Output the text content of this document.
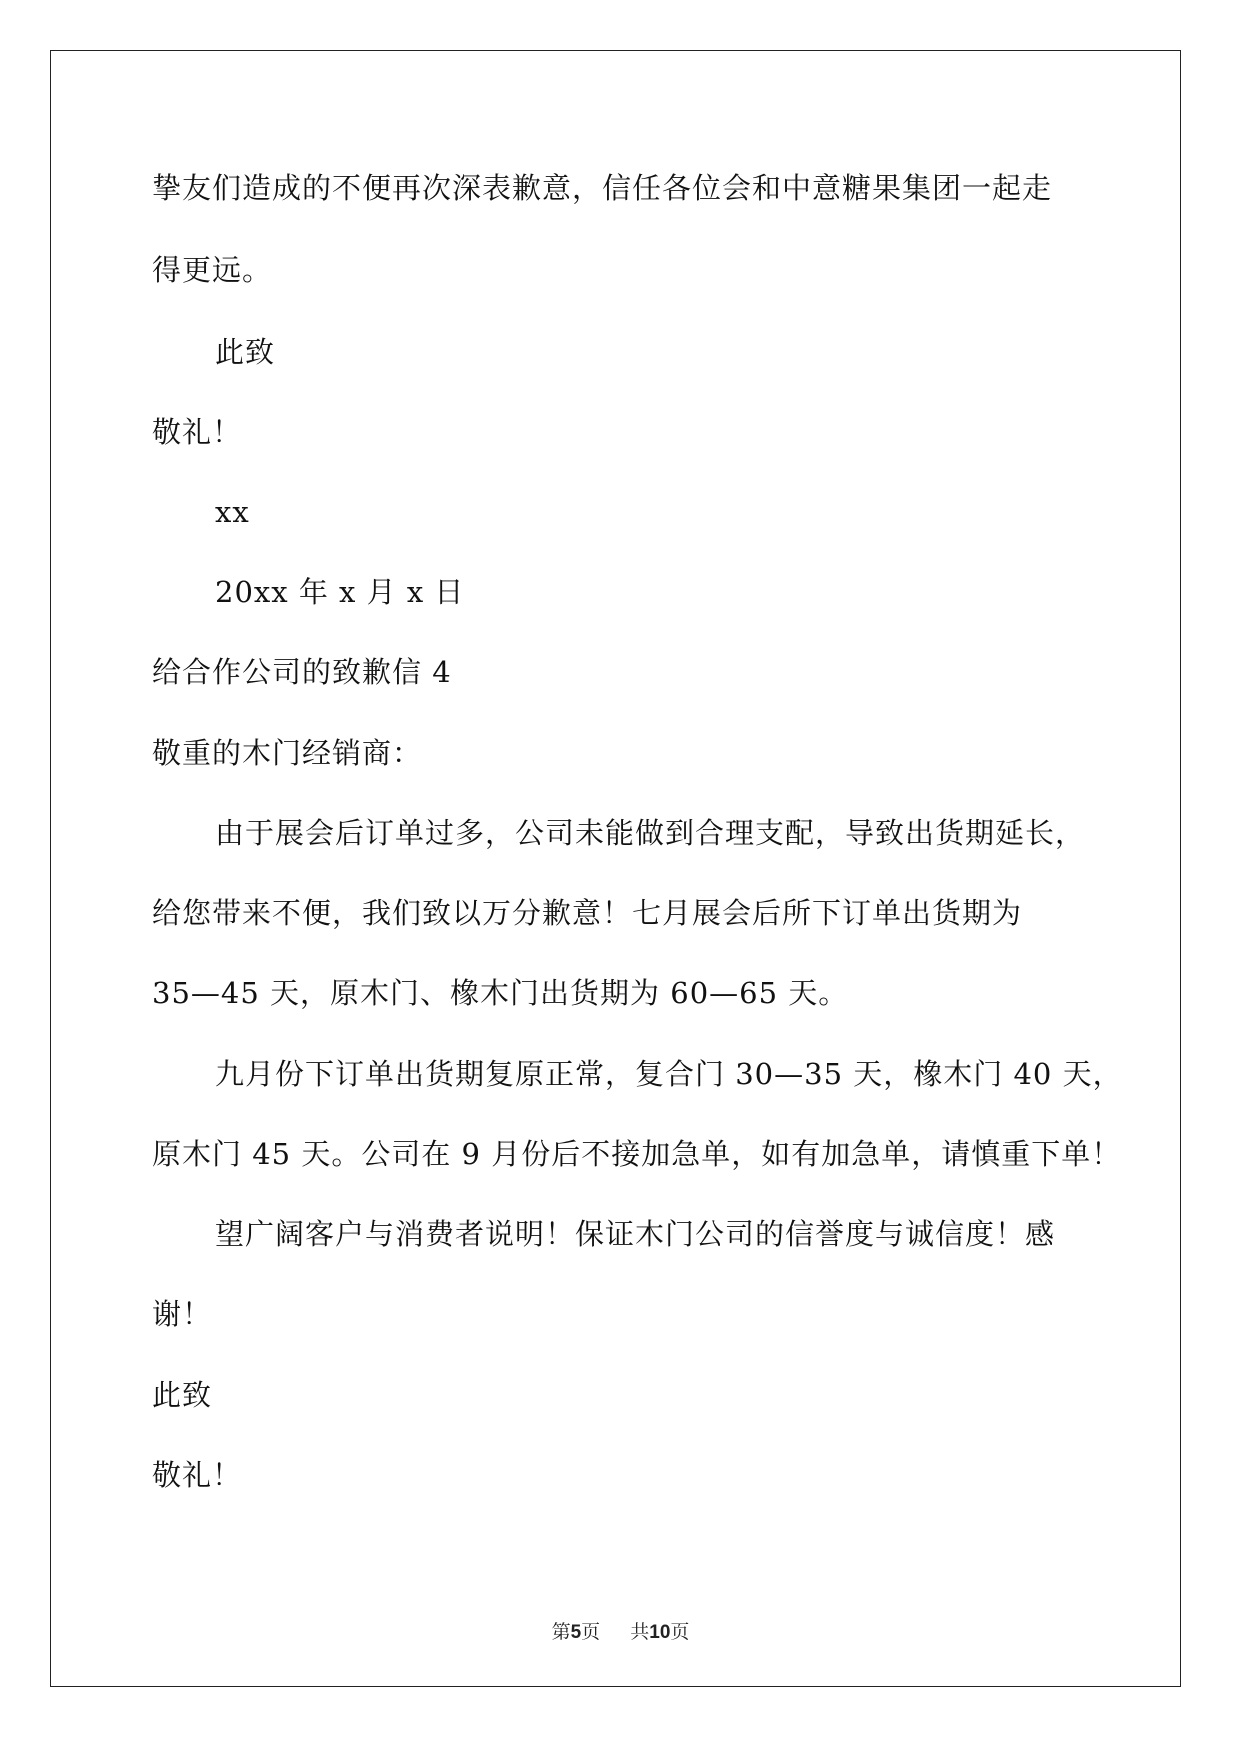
挚友们造成的不便再次深表歉意，信任各位会和中意糖果集团一起走
得更远。
此致
敬礼！
xx
20xx 年 x 月 x 日
给合作公司的致歉信 4
敬重的木门经销商：
由于展会后订单过多，公司未能做到合理支配，导致出货期延长，
给您带来不便，我们致以万分歉意！七月展会后所下订单出货期为
35—45 天，原木门、橡木门出货期为 60—65 天。
九月份下订单出货期复原正常，复合门 30—35 天，橡木门 40 天，
原木门 45 天。公司在 9 月份后不接加急单，如有加急单，请慎重下单！
望广阔客户与消费者说明！保证木门公司的信誉度与诚信度！感
谢！
此致
敬礼！
第5页 共10页
